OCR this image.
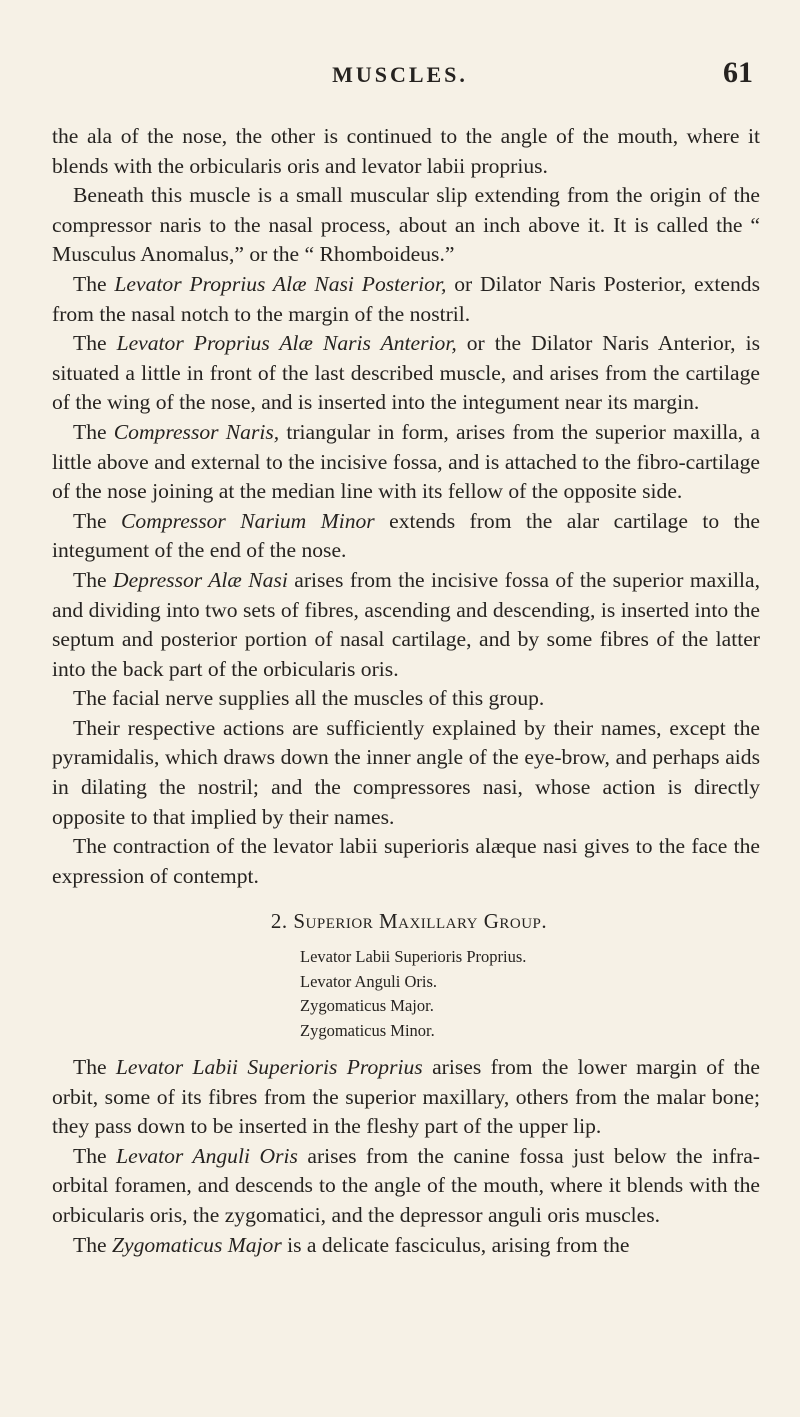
MUSCLES.	61

the ala of the nose, the other is continued to the angle of the mouth, where it blends with the orbicularis oris and levator labii proprius.

Beneath this muscle is a small muscular slip extending from the origin of the compressor naris to the nasal process, about an inch above it. It is called the “ Musculus Anomalus,” or the “ Rhomboideus.”

The Levator Proprius Alæ Nasi Posterior, or Dilator Naris Posterior, extends from the nasal notch to the margin of the nostril.

The Levator Proprius Alæ Naris Anterior, or the Dilator Naris Anterior, is situated a little in front of the last described muscle, and arises from the cartilage of the wing of the nose, and is inserted into the integument near its margin.

The Compressor Naris, triangular in form, arises from the superior maxilla, a little above and external to the incisive fossa, and is attached to the fibro-cartilage of the nose joining at the median line with its fellow of the opposite side.

The Compressor Narium Minor extends from the alar cartilage to the integument of the end of the nose.

The Depressor Alæ Nasi arises from the incisive fossa of the superior maxilla, and dividing into two sets of fibres, ascending and descending, is inserted into the septum and posterior portion of nasal cartilage, and by some fibres of the latter into the back part of the orbicularis oris.

The facial nerve supplies all the muscles of this group.

Their respective actions are sufficiently explained by their names, except the pyramidalis, which draws down the inner angle of the eye-brow, and perhaps aids in dilating the nostril; and the compressores nasi, whose action is directly opposite to that implied by their names.

The contraction of the levator labii superioris alæque nasi gives to the face the expression of contempt.

2. Superior Maxillary Group.
Levator Labii Superioris Proprius.
Levator Anguli Oris.
Zygomaticus Major.
Zygomaticus Minor.

The Levator Labii Superioris Proprius arises from the lower margin of the orbit, some of its fibres from the superior maxillary, others from the malar bone; they pass down to be inserted in the fleshy part of the upper lip.

The Levator Anguli Oris arises from the canine fossa just below the infra-orbital foramen, and descends to the angle of the mouth, where it blends with the orbicularis oris, the zygomatici, and the depressor anguli oris muscles.

The Zygomaticus Major is a delicate fasciculus, arising from the
